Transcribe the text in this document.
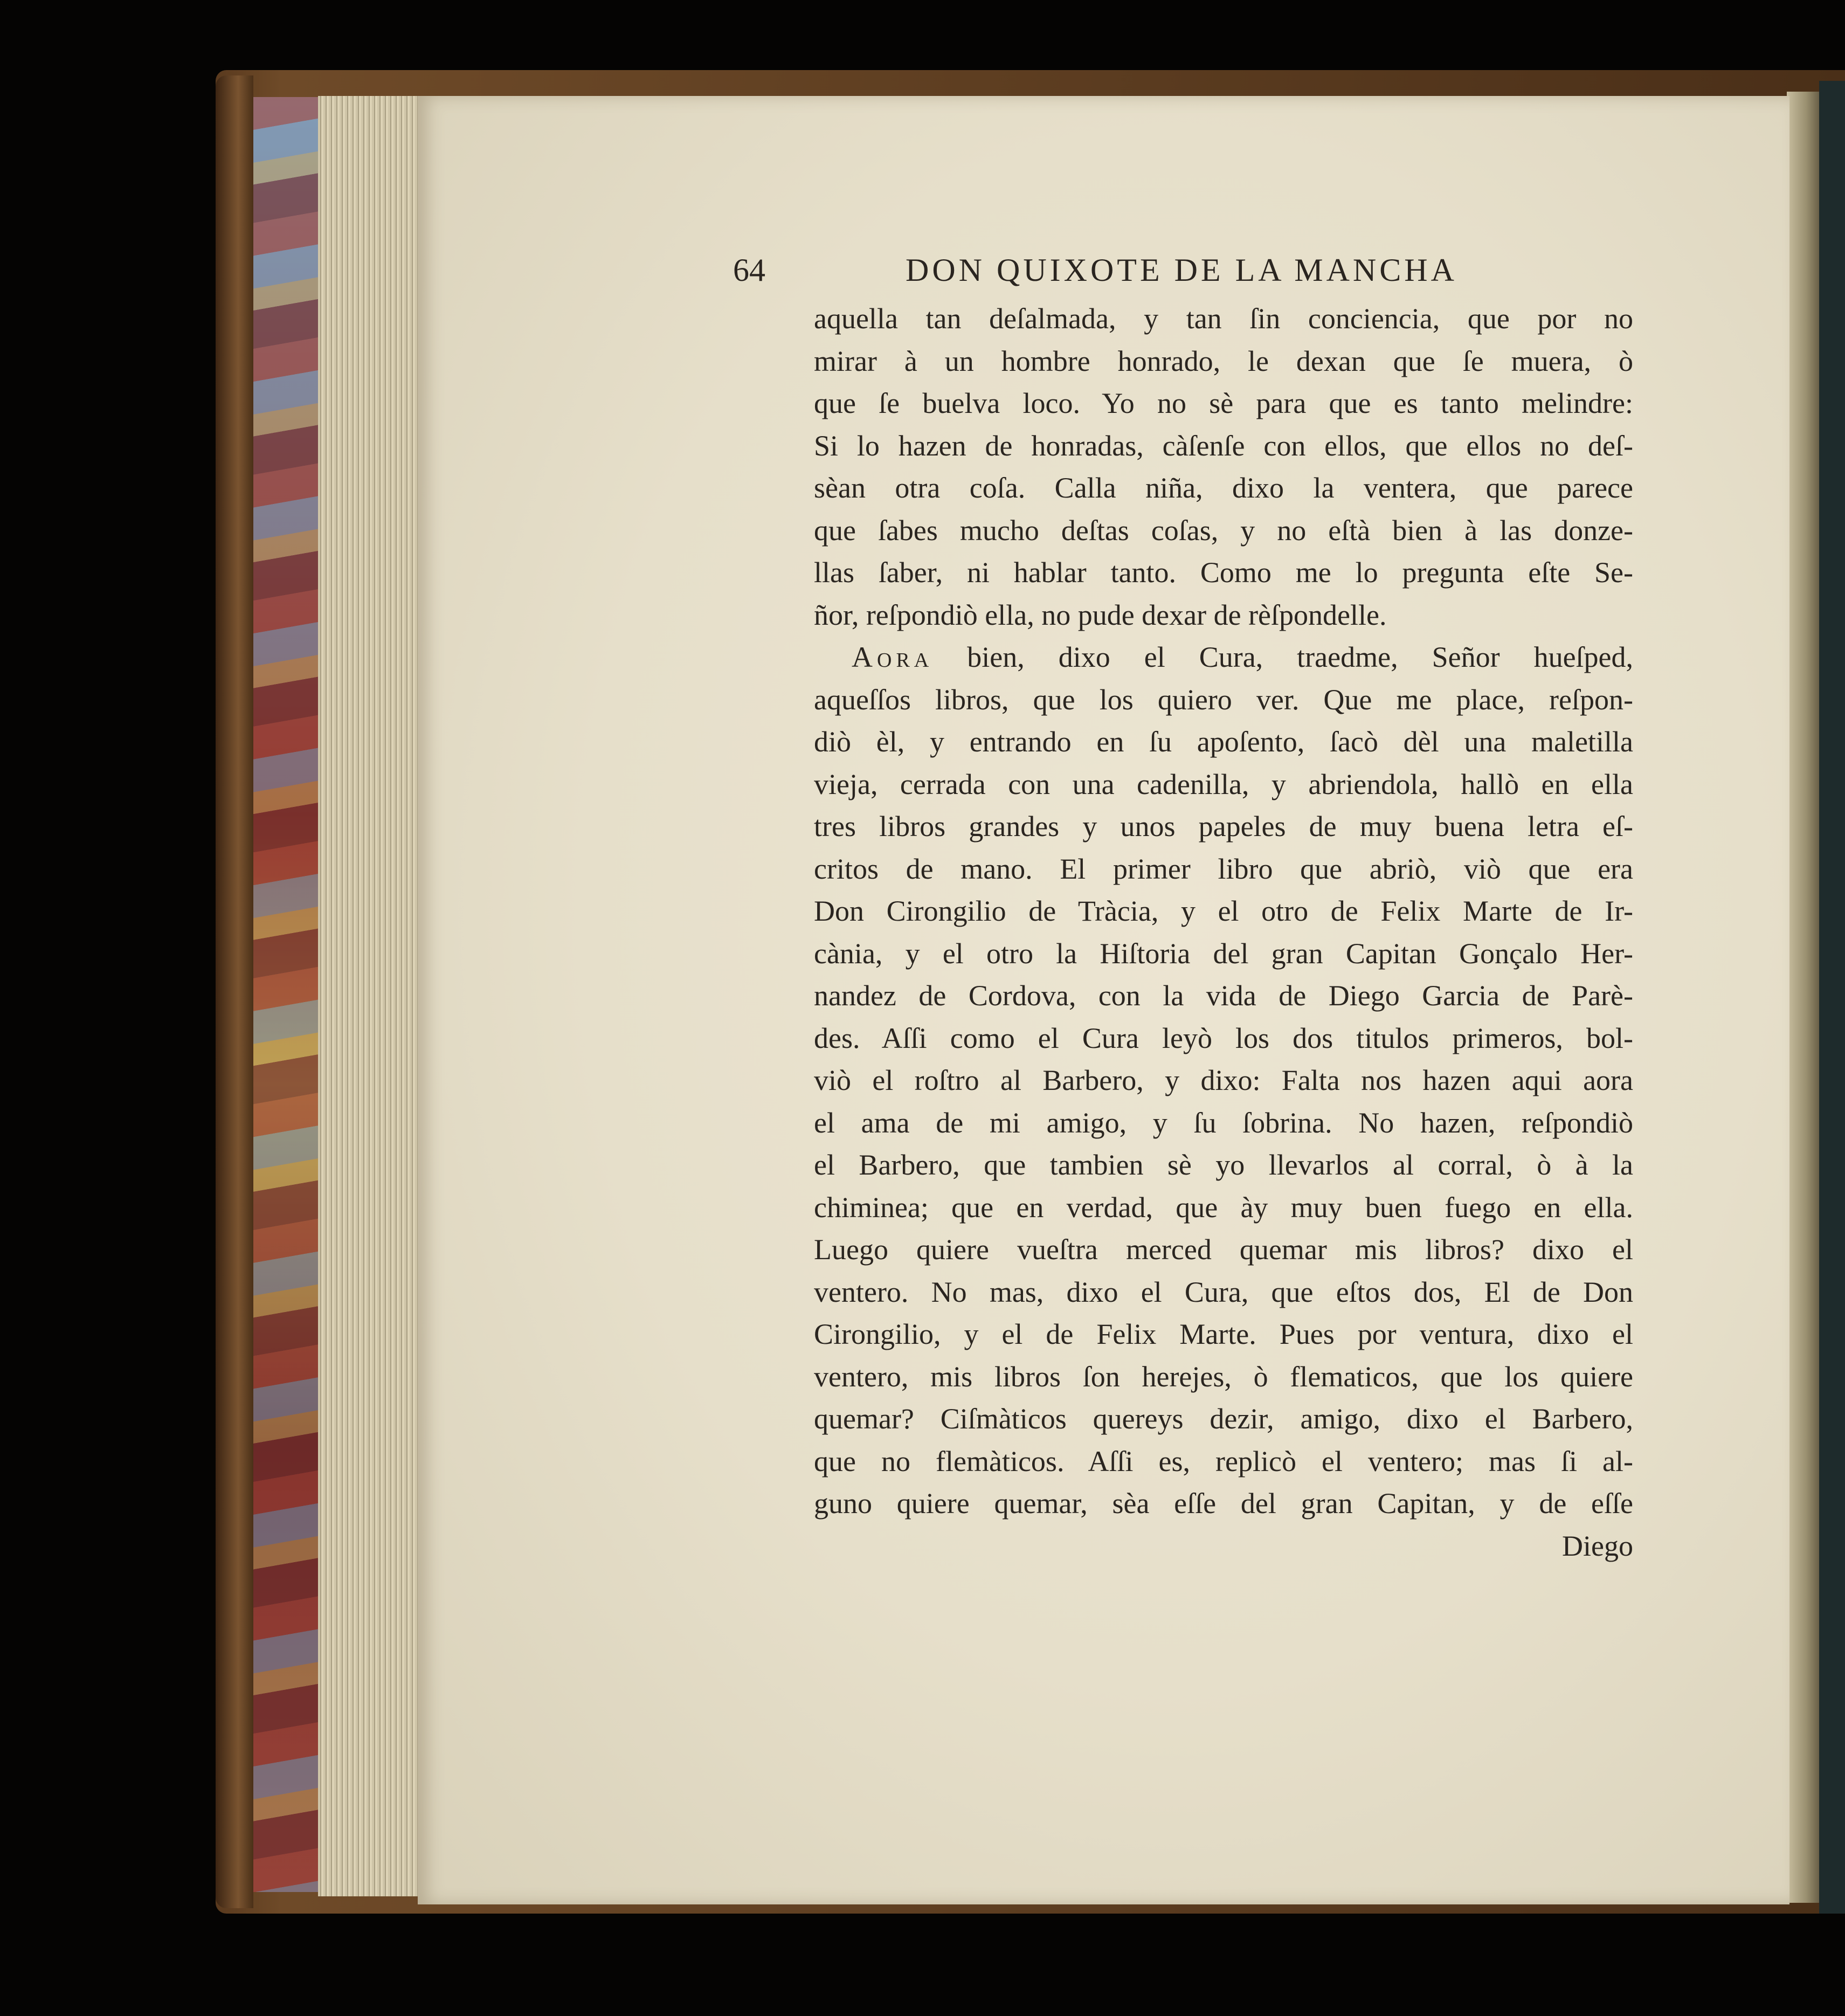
64	DON QUIXOTE DE LA MANCHA
aquella tan deſalmada, y tan ſin conciencia, que por no
mirar à un hombre honrado, le dexan que ſe muera, ò
que ſe buelva loco. Yo no sè para que es tanto melindre:
Si lo hazen de honradas, càſenſe con ellos, que ellos no deſ-
sèan otra coſa. Calla niña, dixo la ventera, que parece
que ſabes mucho deſtas coſas, y no eſtà bien à las donze-
llas ſaber, ni hablar tanto. Como me lo pregunta eſte Se-
ñor, reſpondiò ella, no pude dexar de rèſpondelle.
Aora bien, dixo el Cura, traedme, Señor hueſped,
aqueſſos libros, que los quiero ver. Que me place, reſpon-
diò èl, y entrando en ſu apoſento, ſacò dèl una maletilla
vieja, cerrada con una cadenilla, y abriendola, hallò en ella
tres libros grandes y unos papeles de muy buena letra eſ-
critos de mano. El primer libro que abriò, viò que era
Don Cirongilio de Tràcia, y el otro de Felix Marte de Ir-
cània, y el otro la Hiſtoria del gran Capitan Gonçalo Her-
nandez de Cordova, con la vida de Diego Garcia de Parè-
des. Aſſi como el Cura leyò los dos titulos primeros, bol-
viò el roſtro al Barbero, y dixo: Falta nos hazen aqui aora
el ama de mi amigo, y ſu ſobrina. No hazen, reſpondiò
el Barbero, que tambien sè yo llevarlos al corral, ò à la
chiminea; que en verdad, que ày muy buen fuego en ella.
Luego quiere vueſtra merced quemar mis libros? dixo el
ventero. No mas, dixo el Cura, que eſtos dos, El de Don
Cirongilio, y el de Felix Marte. Pues por ventura, dixo el
ventero, mis libros ſon herejes, ò flematicos, que los quiere
quemar? Ciſmàticos quereys dezir, amigo, dixo el Barbero,
que no flemàticos. Aſſi es, replicò el ventero; mas ſi al-
guno quiere quemar, sèa eſſe del gran Capitan, y de eſſe
Diego
